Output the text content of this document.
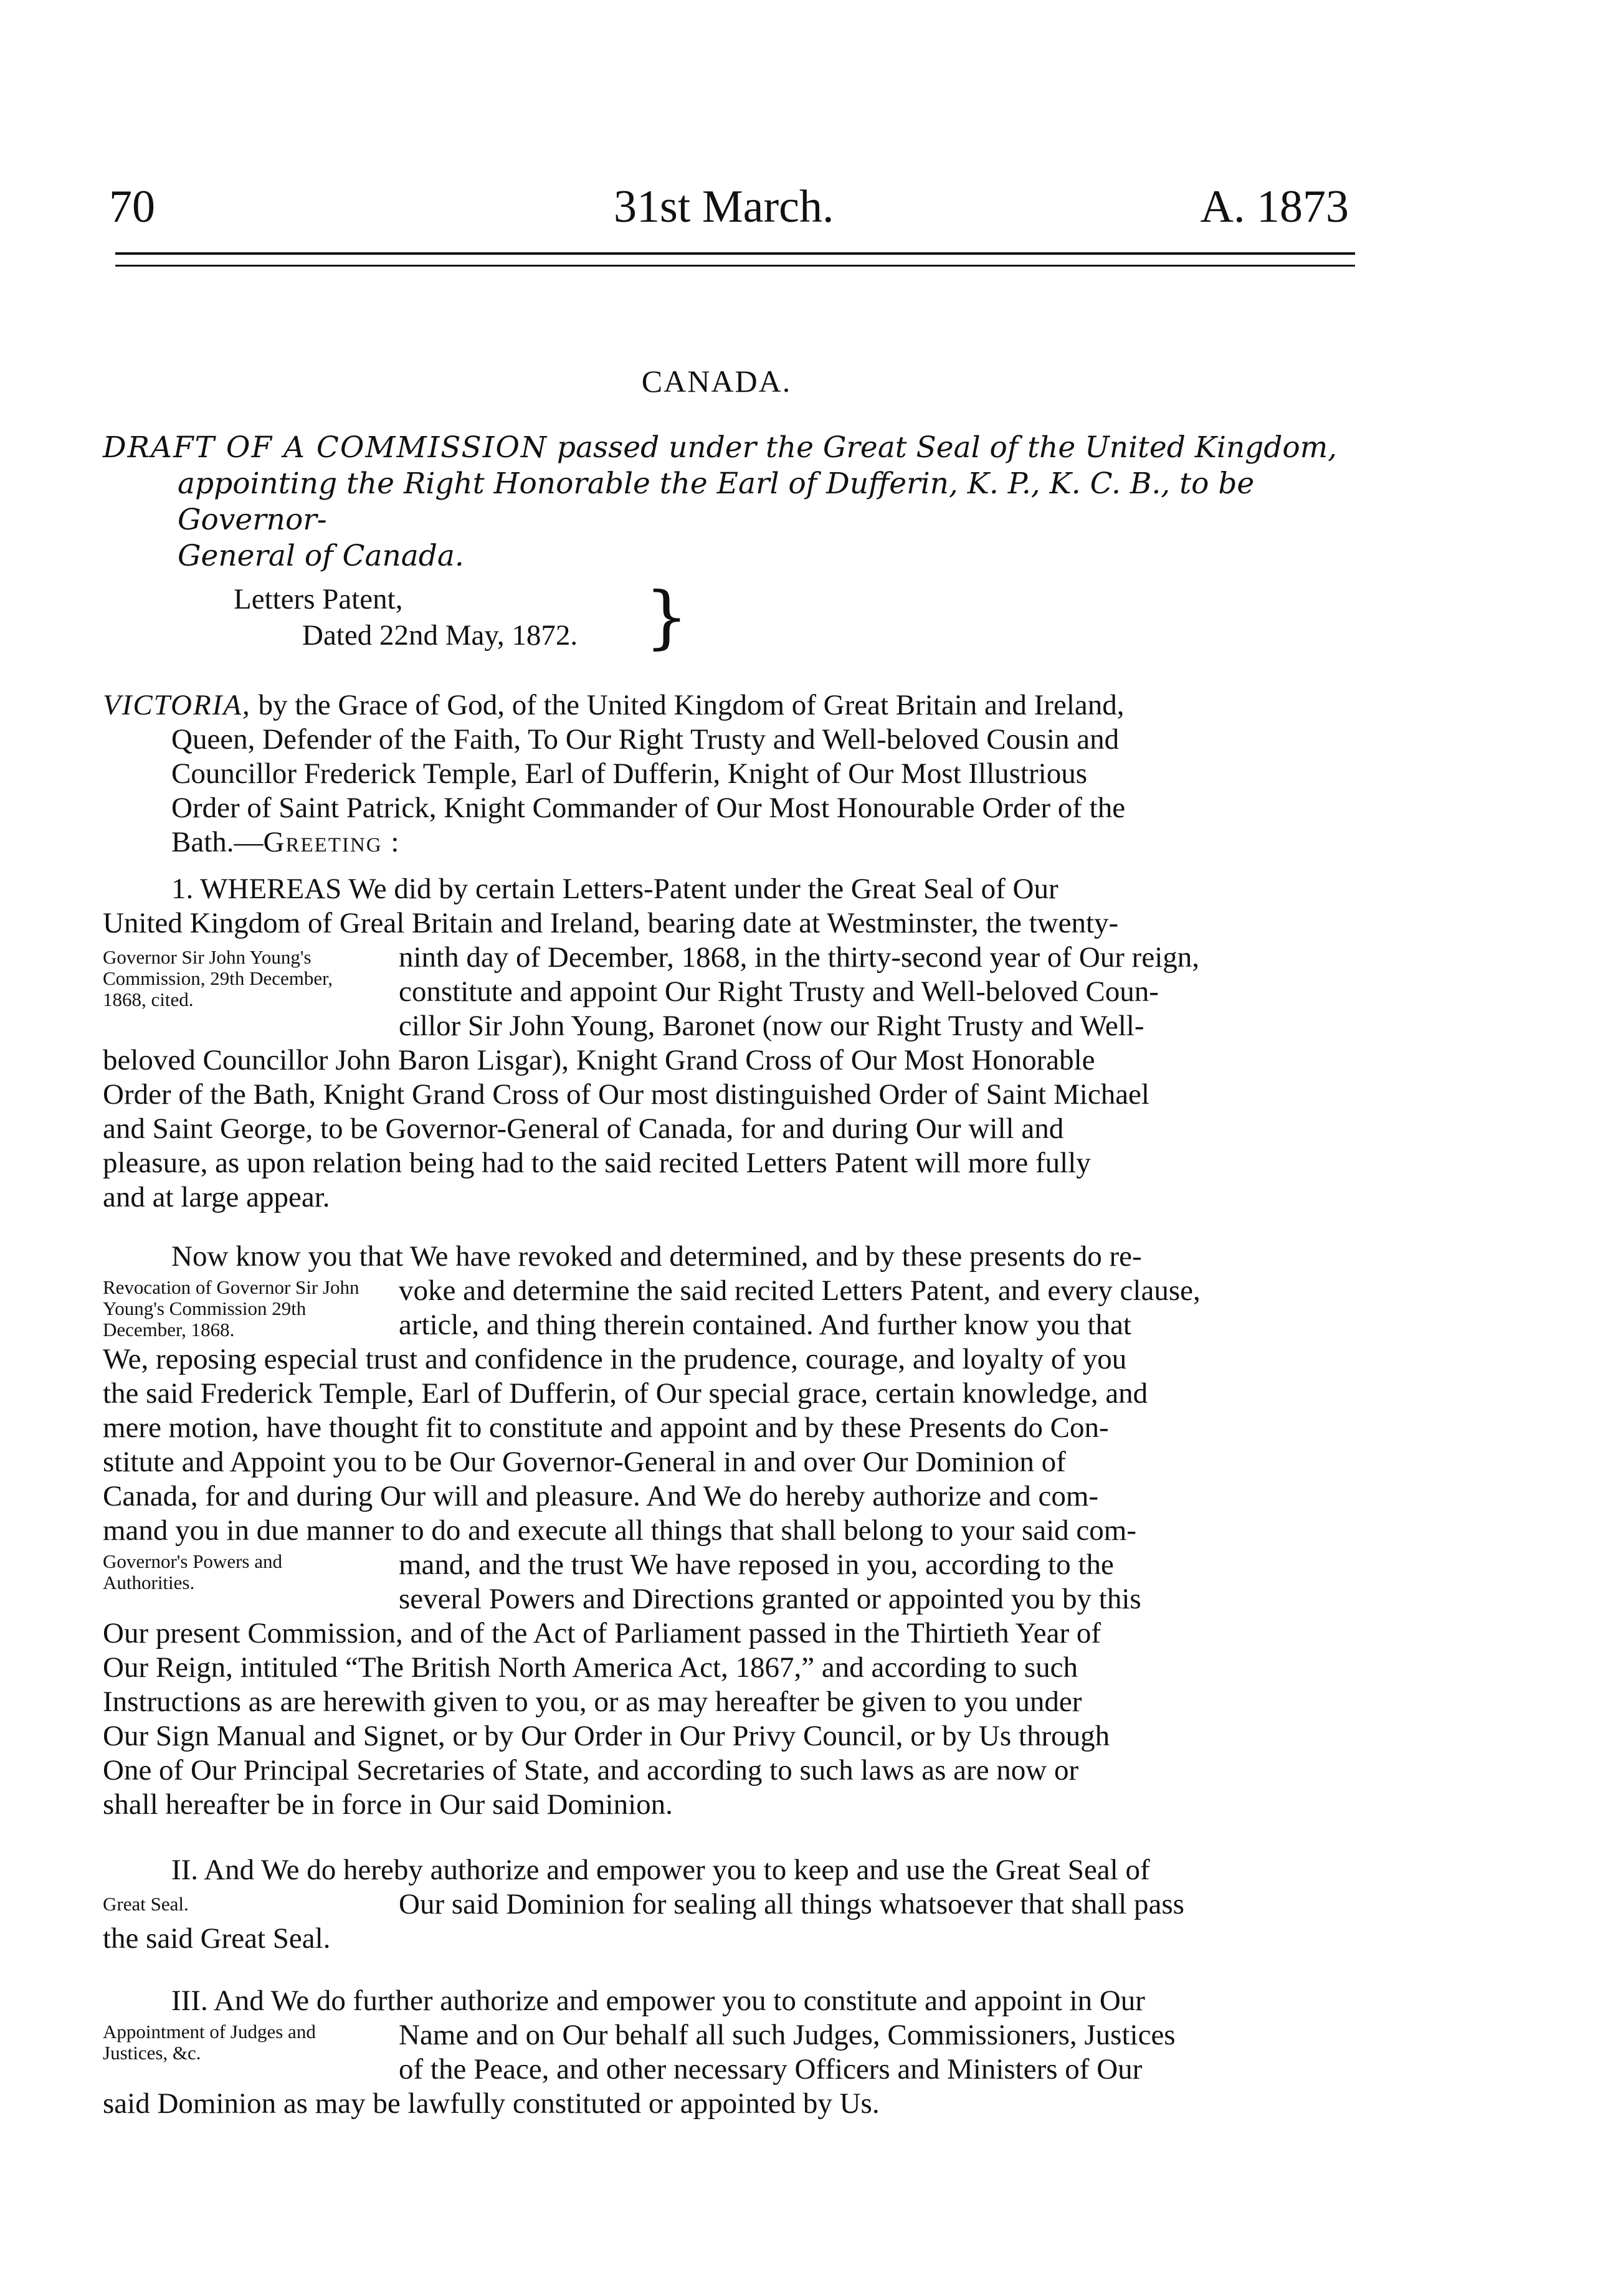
70	31st March.	A. 1873
CANADA.
DRAFT OF A COMMISSION passed under the Great Seal of the United Kingdom,
appointing the Right Honorable the Earl of Dufferin, K. P., K. C. B., to be Governor-
General of Canada.
Letters Patent,
Dated 22nd May, 1872. }
VICTORIA, by the Grace of God, of the United Kingdom of Great Britain and Ireland,
Queen, Defender of the Faith, To Our Right Trusty and Well-beloved Cousin and
Councillor Frederick Temple, Earl of Dufferin, Knight of Our Most Illustrious
Order of Saint Patrick, Knight Commander of Our Most Honourable Order of the
Bath.—Greeting :
1. WHEREAS We did by certain Letters-Patent under the Great Seal of Our
United Kingdom of Greal Britain and Ireland, bearing date at Westminster, the twenty-
Governor Sir John Young's Commission, 29th December, 1868, cited.
ninth day of December, 1868, in the thirty-second year of Our reign,
constitute and appoint Our Right Trusty and Well-beloved Coun-
cillor Sir John Young, Baronet (now our Right Trusty and Well-
beloved Councillor John Baron Lisgar), Knight Grand Cross of Our Most Honorable
Order of the Bath, Knight Grand Cross of Our most distinguished Order of Saint Michael
and Saint George, to be Governor-General of Canada, for and during Our will and
pleasure, as upon relation being had to the said recited Letters Patent will more fully
and at large appear.
Now know you that We have revoked and determined, and by these presents do re-
Revocation of Governor Sir John Young's Commission 29th December, 1868.
voke and determine the said recited Letters Patent, and every clause,
article, and thing therein contained. And further know you that
We, reposing especial trust and confidence in the prudence, courage, and loyalty of you
the said Frederick Temple, Earl of Dufferin, of Our special grace, certain knowledge, and
mere motion, have thought fit to constitute and appoint and by these Presents do Con-
stitute and Appoint you to be Our Governor-General in and over Our Dominion of
Canada, for and during Our will and pleasure. And We do hereby authorize and com-
mand you in due manner to do and execute all things that shall belong to your said com-
Governor's Powers and Authorities.
mand, and the trust We have reposed in you, according to the
several Powers and Directions granted or appointed you by this
Our present Commission, and of the Act of Parliament passed in the Thirtieth Year of
Our Reign, intituled “The British North America Act, 1867,” and according to such
Instructions as are herewith given to you, or as may hereafter be given to you under
Our Sign Manual and Signet, or by Our Order in Our Privy Council, or by Us through
One of Our Principal Secretaries of State, and according to such laws as are now or
shall hereafter be in force in Our said Dominion.
II. And We do hereby authorize and empower you to keep and use the Great Seal of
Great Seal.	Our said Dominion for sealing all things whatsoever that shall pass
the said Great Seal.
III. And We do further authorize and empower you to constitute and appoint in Our
Appointment of Judges and Justices, &c.
Name and on Our behalf all such Judges, Commissioners, Justices
of the Peace, and other necessary Officers and Ministers of Our
said Dominion as may be lawfully constituted or appointed by Us.
